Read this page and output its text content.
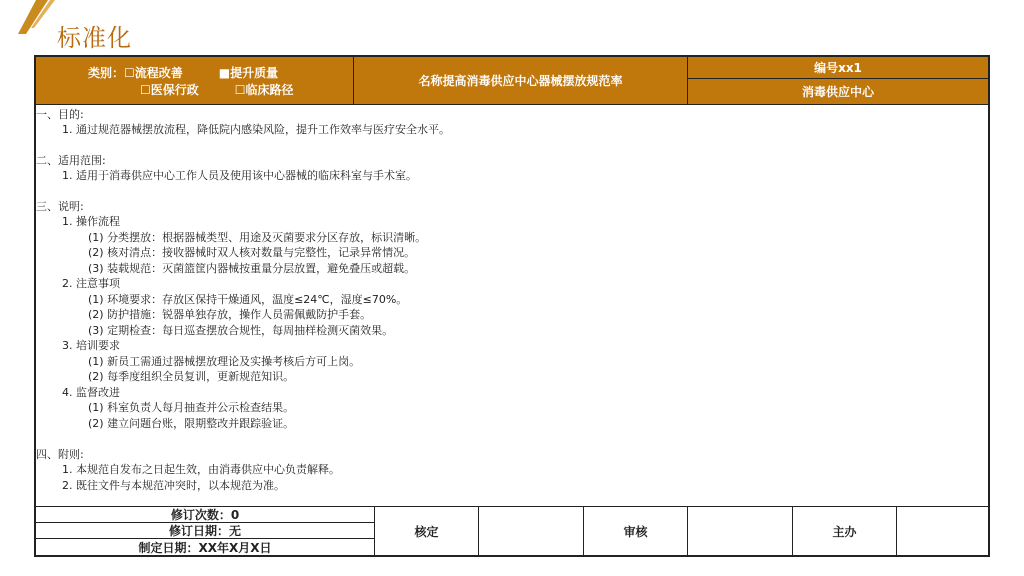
标准化
类别：☐流程改善　　　■提升质量
☐医保行政　　　☐临床路径
名称提高消毒供应中心器械摆放规范率
编号xx1
消毒供应中心
一、目的:
1. 通过规范器械摆放流程，降低院内感染风险，提升工作效率与医疗安全水平。
二、适用范围:
1. 适用于消毒供应中心工作人员及使用该中心器械的临床科室与手术室。
三、说明:
1. 操作流程
(1) 分类摆放：根据器械类型、用途及灭菌要求分区存放，标识清晰。
(2) 核对清点：接收器械时双人核对数量与完整性，记录异常情况。
(3) 装载规范：灭菌篮筐内器械按重量分层放置，避免叠压或超载。
2. 注意事项
(1) 环境要求：存放区保持干燥通风，温度≤24℃，湿度≤70%。
(2) 防护措施：锐器单独存放，操作人员需佩戴防护手套。
(3) 定期检查：每日巡查摆放合规性，每周抽样检测灭菌效果。
3. 培训要求
(1) 新员工需通过器械摆放理论及实操考核后方可上岗。
(2) 每季度组织全员复训，更新规范知识。
4. 监督改进
(1) 科室负责人每月抽查并公示检查结果。
(2) 建立问题台账，限期整改并跟踪验证。
四、附则:
1. 本规范自发布之日起生效，由消毒供应中心负责解释。
2. 既往文件与本规范冲突时，以本规范为准。
修订次数：0
修订日期：无
制定日期：XX年X月X日
核定	审核	主办
